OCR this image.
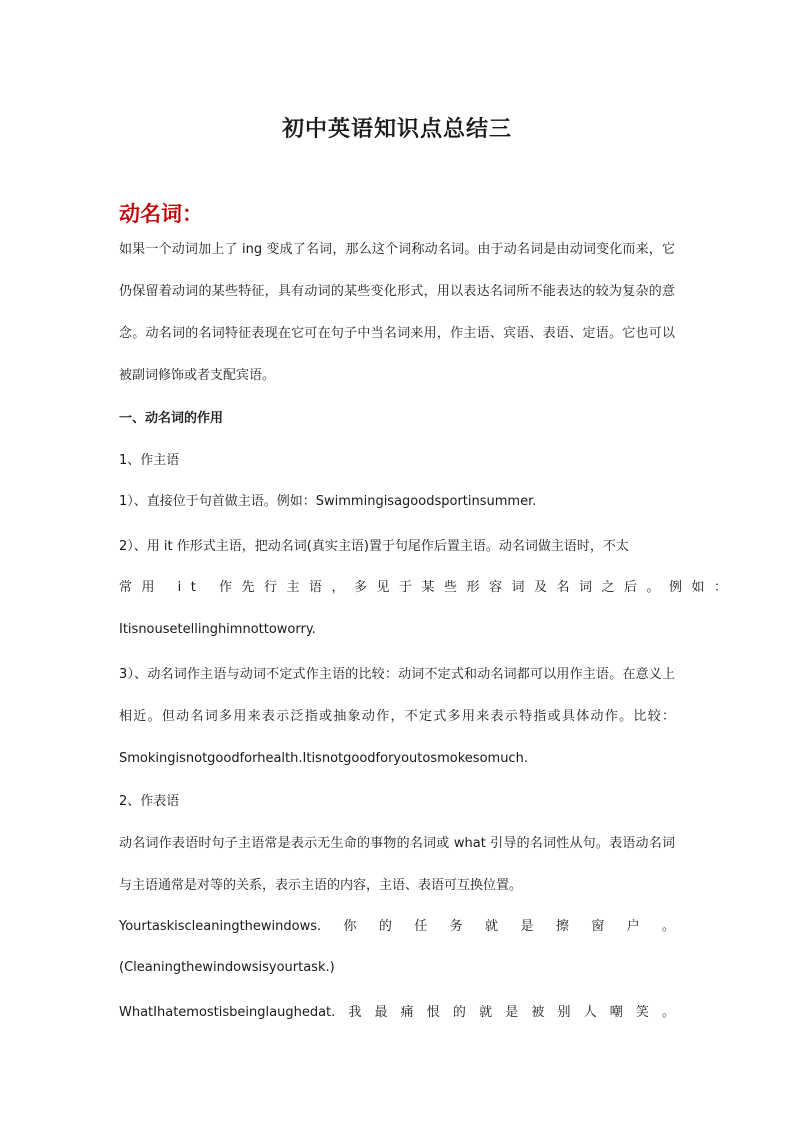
初中英语知识点总结三
动名词：

如果一个动词加上了 ing 变成了名词，那么这个词称动名词。由于动名词是由动词变化而来，它仍保留着动词的某些特征，具有动词的某些变化形式，用以表达名词所不能表达的较为复杂的意念。动名词的名词特征表现在它可在句子中当名词来用，作主语、宾语、表语、定语。它也可以被副词修饰或者支配宾语。

一、动名词的作用
1、作主语
1）、直接位于句首做主语。例如：Swimmingisagoodsportinsummer.
2）、用 it 作形式主语，把动名词(真实主语)置于句尾作后置主语。动名词做主语时，不太
常用 it 作先行主语，多见于某些形容词及名词之后。例如：
Itisnousetellinghimnottoworry.

3）、动名词作主语与动词不定式作主语的比较：动词不定式和动名词都可以用作主语。在意义上相近。但动名词多用来表示泛指或抽象动作，不定式多用来表示特指或具体动作。比较：Smokingisnotgoodforhealth.Itisnotgoodforyoutosmokesomuch.

2、作表语

动名词作表语时句子主语常是表示无生命的事物的名词或 what 引导的名词性从句。表语动名词与主语通常是对等的关系，表示主语的内容，主语、表语可互换位置。

Yourtaskiscleaningthewindows.你的任务就是擦窗户。
(Cleaningthewindowsisyourtask.)
WhatIhatemostisbeinglaughedat.我最痛恨的就是被别人嘲笑。
